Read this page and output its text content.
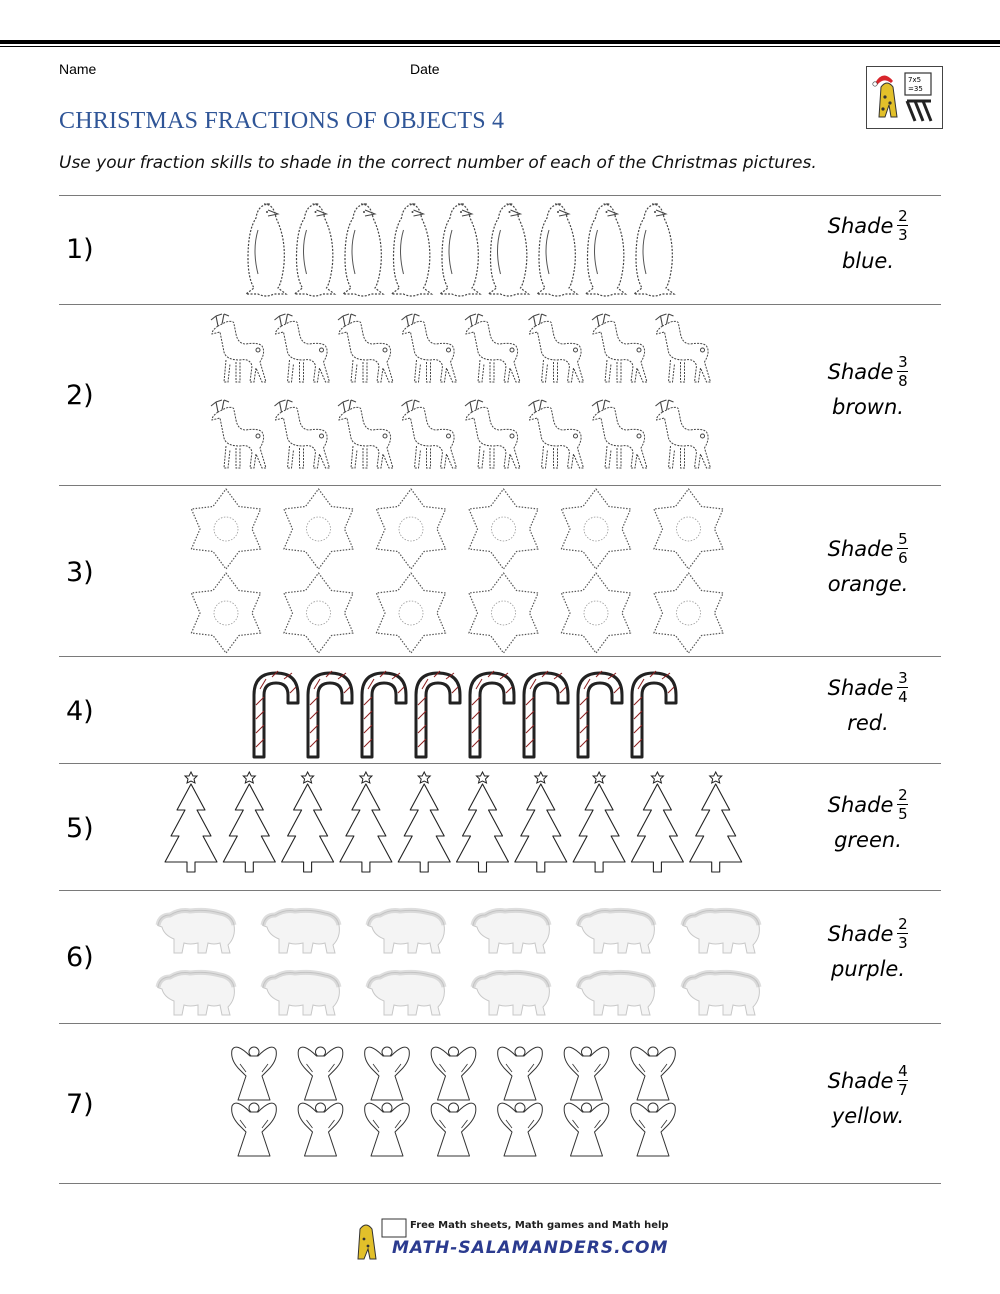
Name	Date
7x5
=35
CHRISTMAS FRACTIONS OF OBJECTS 4
Use your fraction skills to shade in the correct number of each of the Christmas pictures.
1)
Shade $\frac{2}{3}$
blue.
2)
Shade $\frac{3}{8}$
brown.
3)
Shade $\frac{5}{6}$
orange.
4)
Shade $\frac{3}{4}$
red.
5)
Shade $\frac{2}{5}$
green.
6)
Shade $\frac{2}{3}$
purple.
7)
Shade $\frac{4}{7}$
yellow.
Free Math sheets, Math games and Math help
MATH-SALAMANDERS.COM
